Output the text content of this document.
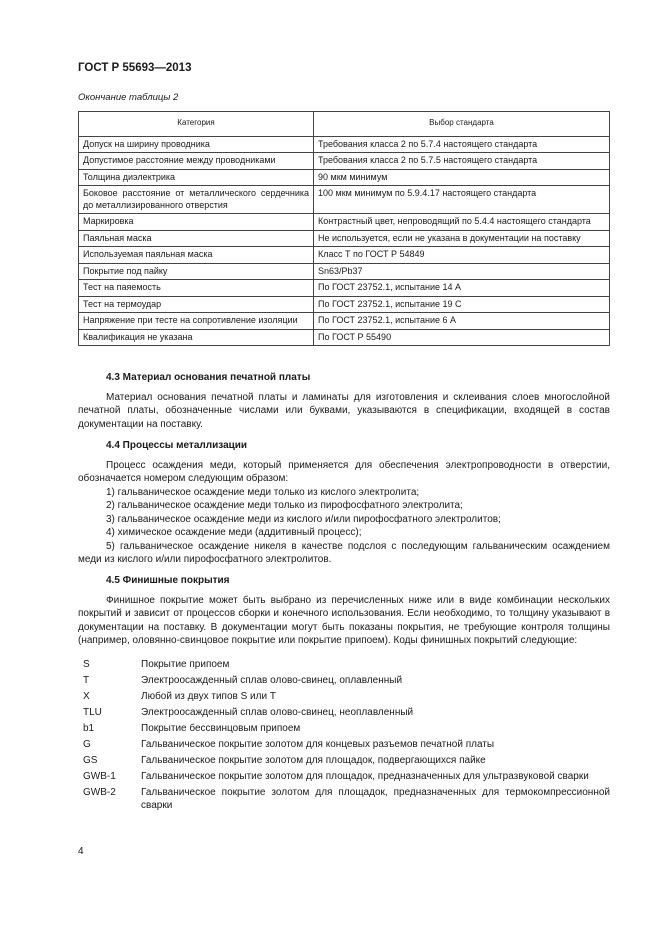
ГОСТ Р 55693—2013
Окончание таблицы 2
Категория	Выбор стандарта
Допуск на ширину проводника	Требования класса 2 по 5.7.4 настоящего стандарта
Допустимое расстояние между проводниками	Требования класса 2 по 5.7.5 настоящего стандарта
Толщина диэлектрика	90 мкм минимум
Боковое расстояние от металлического сердечника до металлизированного отверстия	100 мкм минимум по 5.9.4.17 настоящего стандарта
Маркировка	Контрастный цвет, непроводящий по 5.4.4 настоящего стандарта
Паяльная маска	Не используется, если не указана в документации на поставку
Используемая паяльная маска	Класс Т по ГОСТ Р 54849
Покрытие под пайку	Sn63/Pb37
Тест на паяемость	По ГОСТ 23752.1, испытание 14 А
Тест на термоудар	По ГОСТ 23752.1, испытание 19 С
Напряжение при тесте на сопротивление изоляции	По ГОСТ 23752.1, испытание 6 А
Квалификация не указана	По ГОСТ Р 55490
4.3 Материал основания печатной платы

Материал основания печатной платы и ламинаты для изготовления и склеивания слоев многослойной печатной платы, обозначенные числами или буквами, указываются в спецификации, входящей в состав документации на поставку.

4.4 Процессы металлизации

Процесс осаждения меди, который применяется для обеспечения электропроводности в отверстии, обозначается номером следующим образом:

1) гальваническое осаждение меди только из кислого электролита;

2) гальваническое осаждение меди только из пирофосфатного электролита;

3) гальваническое осаждение меди из кислого и/или пирофосфатного электролитов;

4) химическое осаждение меди (аддитивный процесс);

5) гальваническое осаждение никеля в качестве подслоя с последующим гальваническим осаждением меди из кислого и/или пирофосфатного электролитов.

4.5 Финишные покрытия

Финишное покрытие может быть выбрано из перечисленных ниже или в виде комбинации нескольких покрытий и зависит от процессов сборки и конечного использования. Если необходимо, то толщину указывают в документации на поставку. В документации могут быть показаны покрытия, не требующие контроля толщины (например, оловянно-свинцовое покрытие или покрытие припоем). Коды финишных покрытий следующие:

S	Покрытие припоем
T	Электроосажденный сплав олово-свинец, оплавленный
X	Любой из двух типов S или T
TLU	Электроосажденный сплав олово-свинец, неоплавленный
b1	Покрытие бессвинцовым припоем
G	Гальваническое покрытие золотом для концевых разъемов печатной платы
GS	Гальваническое покрытие золотом для площадок, подвергающихся пайке
GWB-1	Гальваническое покрытие золотом для площадок, предназначенных для ультразвуковой сварки
GWB-2	Гальваническое покрытие золотом для площадок, предназначенных для термокомпрессионной сварки
4
